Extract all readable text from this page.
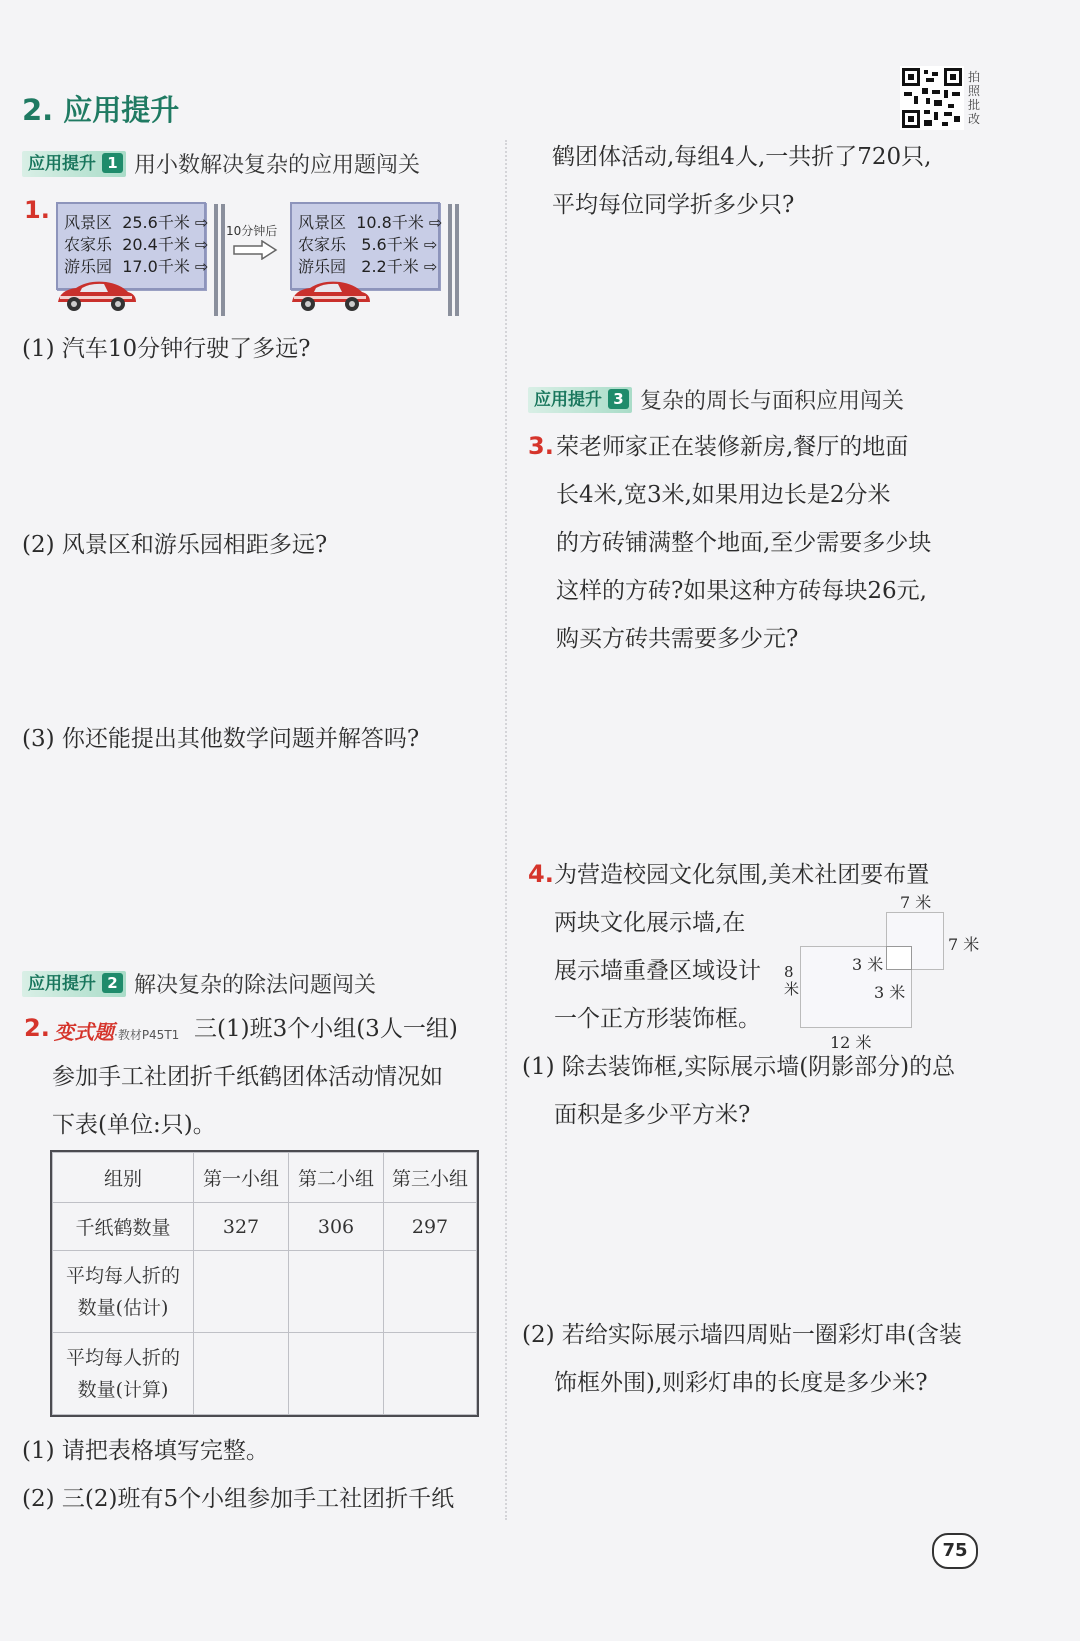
2. 应用提升
拍
照
批
改
应用提升 1 用小数解决复杂的应用题闯关
1. 风景区 25.6千米 ⇨
农家乐 20.4千米 ⇨
游乐园 17.0千米 ⇨
10分钟后	风景区 10.8千米 ⇨
农家乐 5.6千米 ⇨
游乐园 2.2千米 ⇨
(1) 汽车10分钟行驶了多远?
(2) 风景区和游乐园相距多远?
(3) 你还能提出其他数学问题并解答吗?
应用提升 2 解决复杂的除法问题闯关
2. 变式题·教材P45T1 三(1)班3个小组(3人一组)
参加手工社团折千纸鹤团体活动情况如
下表(单位:只)。
组别	第一小组	第二小组	第三小组
千纸鹤数量	327	306	297

平均每人折的
数量(估计)			

平均每人折的
数量(计算)			

(1) 请把表格填写完整。
(2) 三(2)班有5个小组参加手工社团折千纸
鹤团体活动,每组4人,一共折了720只,
平均每位同学折多少只?
应用提升 3 复杂的周长与面积应用闯关
3. 荣老师家正在装修新房,餐厅的地面
长4米,宽3米,如果用边长是2分米
的方砖铺满整个地面,至少需要多少块
这样的方砖?如果这种方砖每块26元,
购买方砖共需要多少元?
4. 为营造校园文化氛围,美术社团要布置
两块文化展示墙,在
展示墙重叠区域设计
一个正方形装饰框。
7 米
7 米
3 米
3 米
8米
12 米
(1) 除去装饰框,实际展示墙(阴影部分)的总
面积是多少平方米?
(2) 若给实际展示墙四周贴一圈彩灯串(含装
饰框外围),则彩灯串的长度是多少米?
75
